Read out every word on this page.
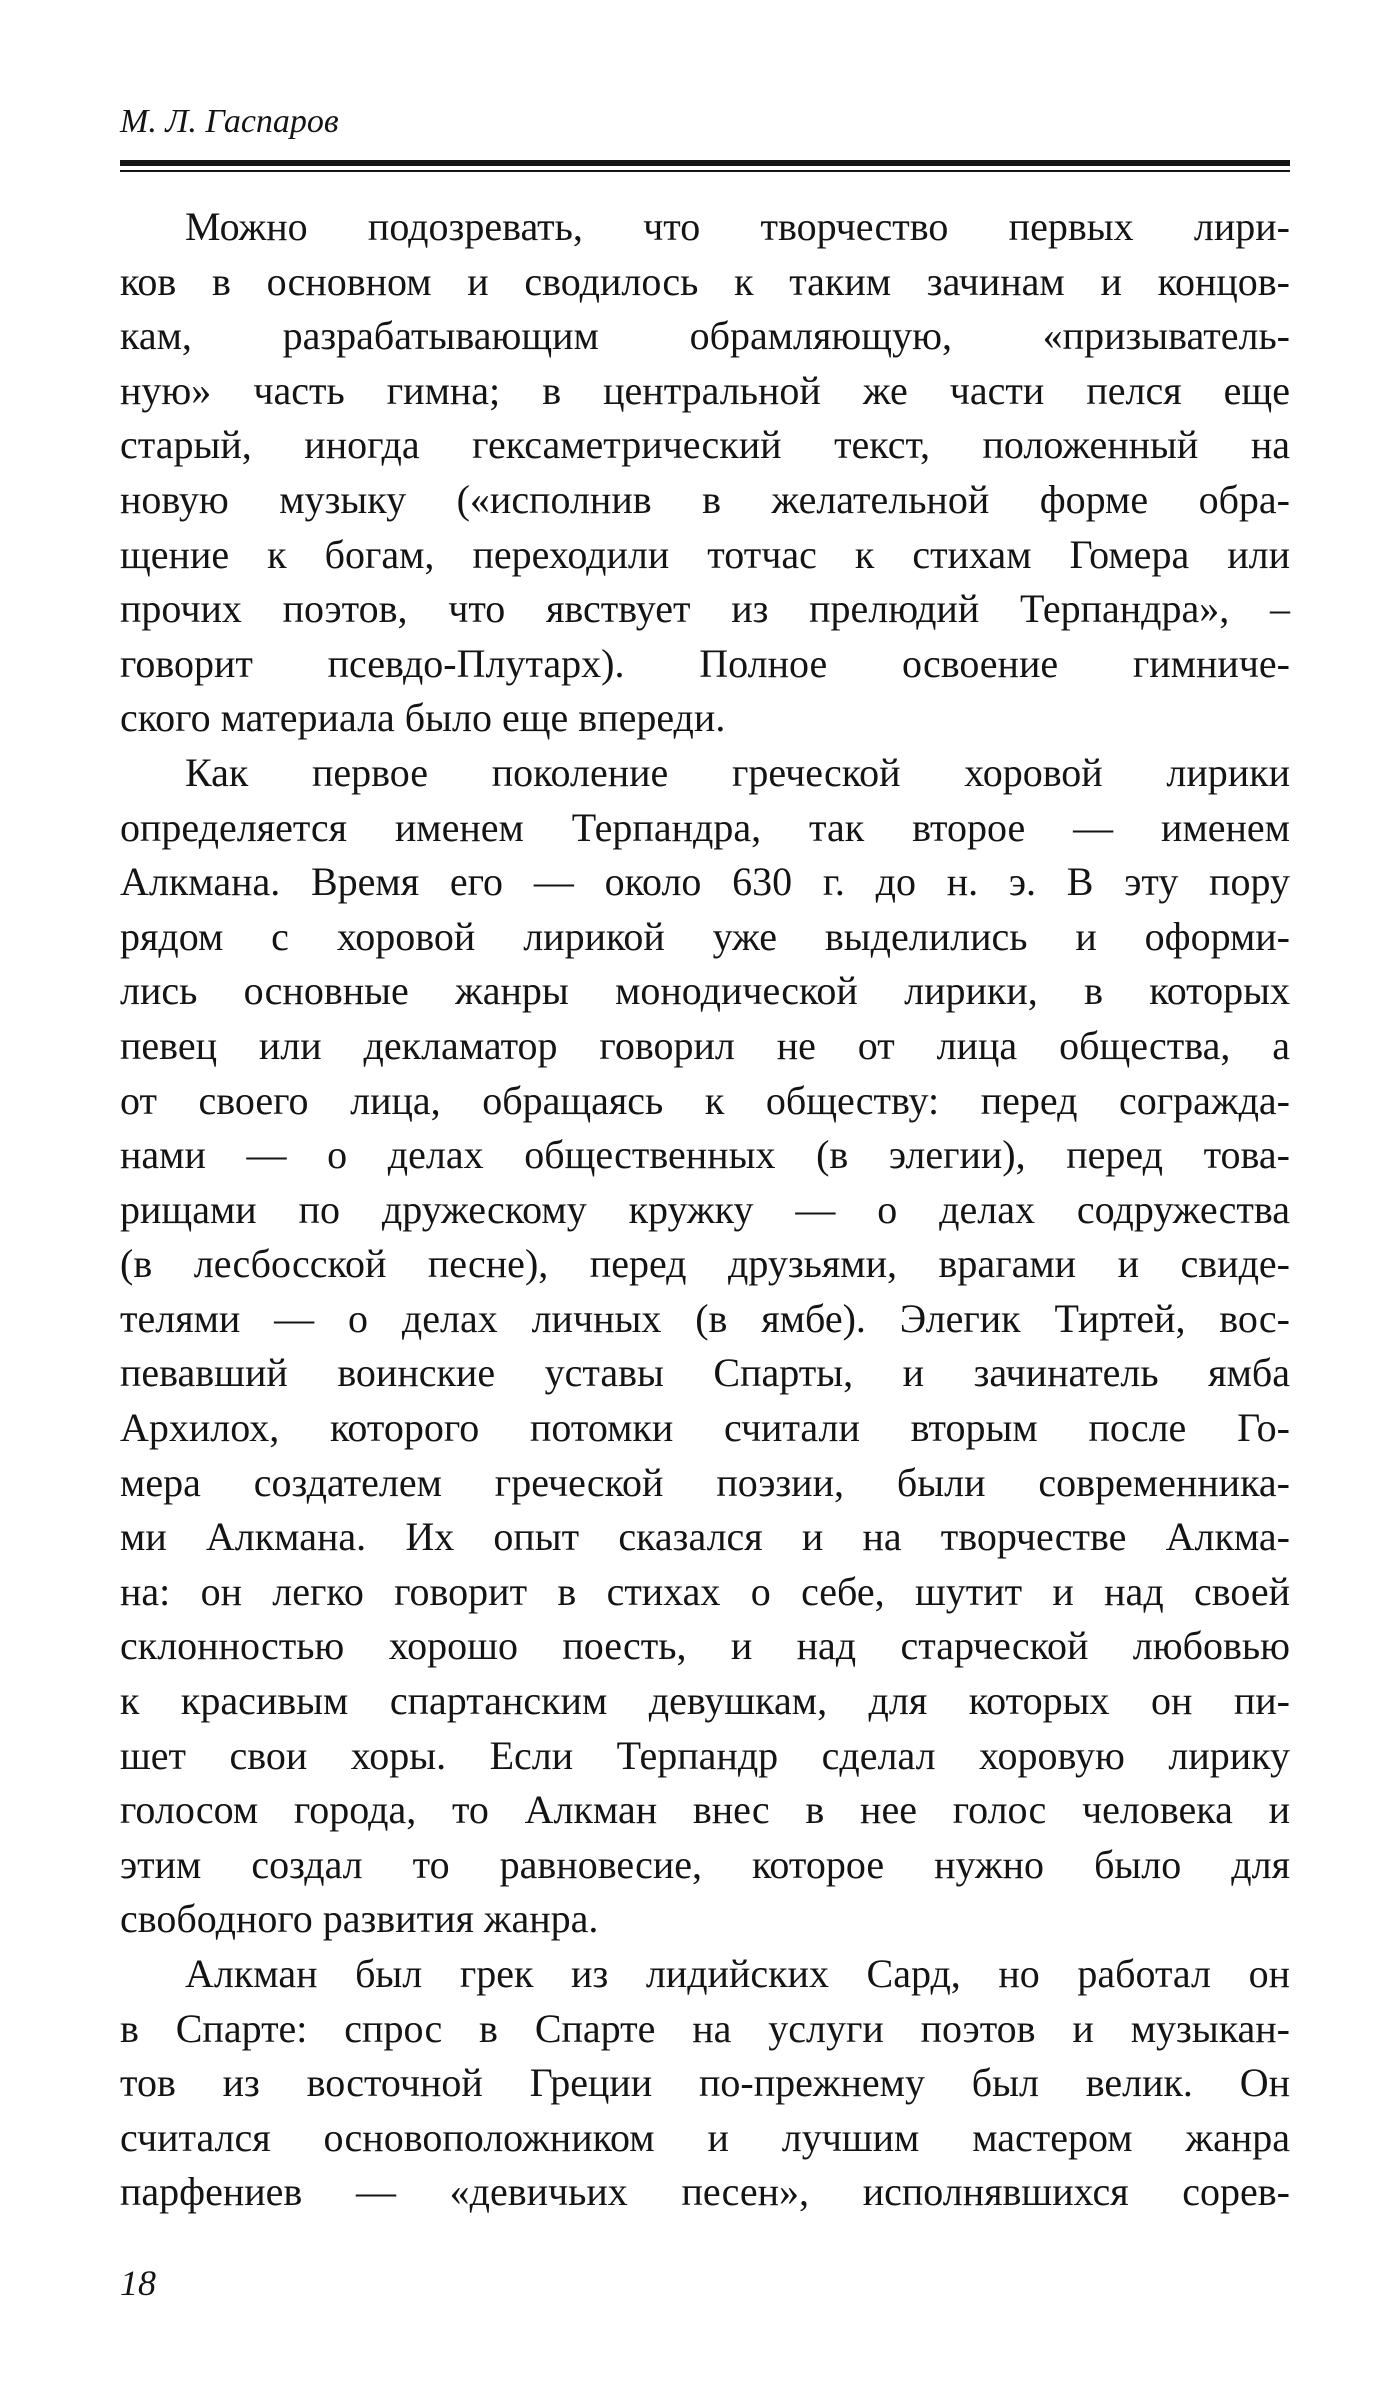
М. Л. Гаспаров
Можно подозревать, что творчество первых лири-
ков в основном и сводилось к таким зачинам и концов-
кам, разрабатывающим обрамляющую, «призыватель-
ную» часть гимна; в центральной же части пелся еще
старый, иногда гексаметрический текст, положенный на
новую музыку («исполнив в желательной форме обра-
щение к богам, переходили тотчас к стихам Гомера или
прочих поэтов, что явствует из прелюдий Терпандра», –
говорит псевдо-Плутарх). Полное освоение гимниче-
ского материала было еще впереди.
Как первое поколение греческой хоровой лирики
определяется именем Терпандра, так второе — именем
Алкмана. Время его — около 630 г. до н. э. В эту пору
рядом с хоровой лирикой уже выделились и оформи-
лись основные жанры монодической лирики, в которых
певец или декламатор говорил не от лица общества, а
от своего лица, обращаясь к обществу: перед согражда-
нами — о делах общественных (в элегии), перед това-
рищами по дружескому кружку — о делах содружества
(в лесбосской песне), перед друзьями, врагами и свиде-
телями — о делах личных (в ямбе). Элегик Тиртей, вос-
певавший воинские уставы Спарты, и зачинатель ямба
Архилох, которого потомки считали вторым после Го-
мера создателем греческой поэзии, были современника-
ми Алкмана. Их опыт сказался и на творчестве Алкма-
на: он легко говорит в стихах о себе, шутит и над своей
склонностью хорошо поесть, и над старческой любовью
к красивым спартанским девушкам, для которых он пи-
шет свои хоры. Если Терпандр сделал хоровую лирику
голосом города, то Алкман внес в нее голос человека и
этим создал то равновесие, которое нужно было для
свободного развития жанра.
Алкман был грек из лидийских Сард, но работал он
в Спарте: спрос в Спарте на услуги поэтов и музыкан-
тов из восточной Греции по-прежнему был велик. Он
считался основоположником и лучшим мастером жанра
парфениев — «девичьих песен», исполнявшихся сорев-
18
